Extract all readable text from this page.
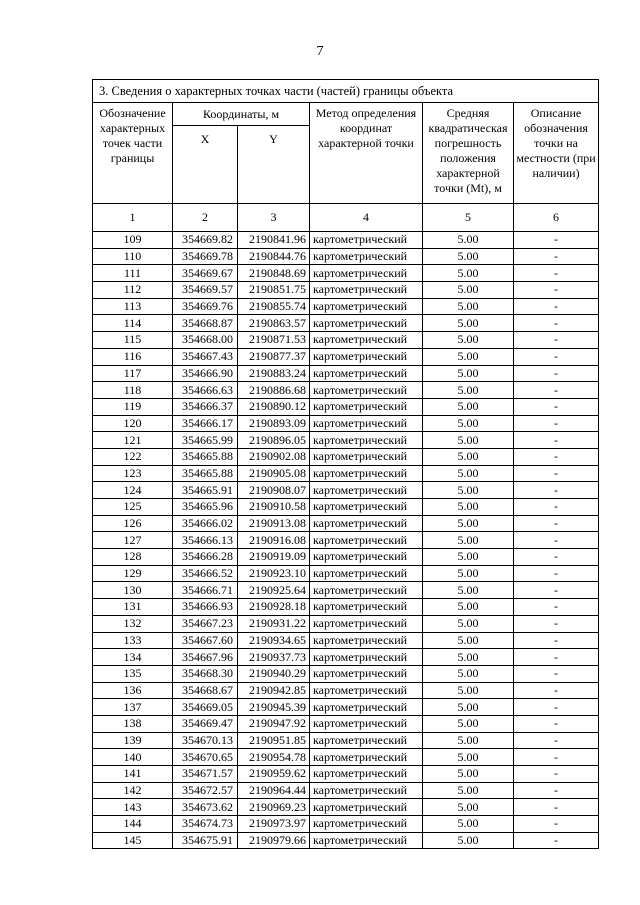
7
3. Сведения о характерных точках части (частей) границы объекта					
Обозначение характерных точек части границы	Координаты, м		Метод определения координат характерной точки	Средняя квадратическая погрешность положения характерной точки (Mt), м	Описание обозначения точки на местности (при наличии)
	X	Y			
1	2	3	4	5	6
109	354669.82	2190841.96	картометрический	5.00	-
110	354669.78	2190844.76	картометрический	5.00	-
111	354669.67	2190848.69	картометрический	5.00	-
112	354669.57	2190851.75	картометрический	5.00	-
113	354669.76	2190855.74	картометрический	5.00	-
114	354668.87	2190863.57	картометрический	5.00	-
115	354668.00	2190871.53	картометрический	5.00	-
116	354667.43	2190877.37	картометрический	5.00	-
117	354666.90	2190883.24	картометрический	5.00	-
118	354666.63	2190886.68	картометрический	5.00	-
119	354666.37	2190890.12	картометрический	5.00	-
120	354666.17	2190893.09	картометрический	5.00	-
121	354665.99	2190896.05	картометрический	5.00	-
122	354665.88	2190902.08	картометрический	5.00	-
123	354665.88	2190905.08	картометрический	5.00	-
124	354665.91	2190908.07	картометрический	5.00	-
125	354665.96	2190910.58	картометрический	5.00	-
126	354666.02	2190913.08	картометрический	5.00	-
127	354666.13	2190916.08	картометрический	5.00	-
128	354666.28	2190919.09	картометрический	5.00	-
129	354666.52	2190923.10	картометрический	5.00	-
130	354666.71	2190925.64	картометрический	5.00	-
131	354666.93	2190928.18	картометрический	5.00	-
132	354667.23	2190931.22	картометрический	5.00	-
133	354667.60	2190934.65	картометрический	5.00	-
134	354667.96	2190937.73	картометрический	5.00	-
135	354668.30	2190940.29	картометрический	5.00	-
136	354668.67	2190942.85	картометрический	5.00	-
137	354669.05	2190945.39	картометрический	5.00	-
138	354669.47	2190947.92	картометрический	5.00	-
139	354670.13	2190951.85	картометрический	5.00	-
140	354670.65	2190954.78	картометрический	5.00	-
141	354671.57	2190959.62	картометрический	5.00	-
142	354672.57	2190964.44	картометрический	5.00	-
143	354673.62	2190969.23	картометрический	5.00	-
144	354674.73	2190973.97	картометрический	5.00	-
145	354675.91	2190979.66	картометрический	5.00	-
